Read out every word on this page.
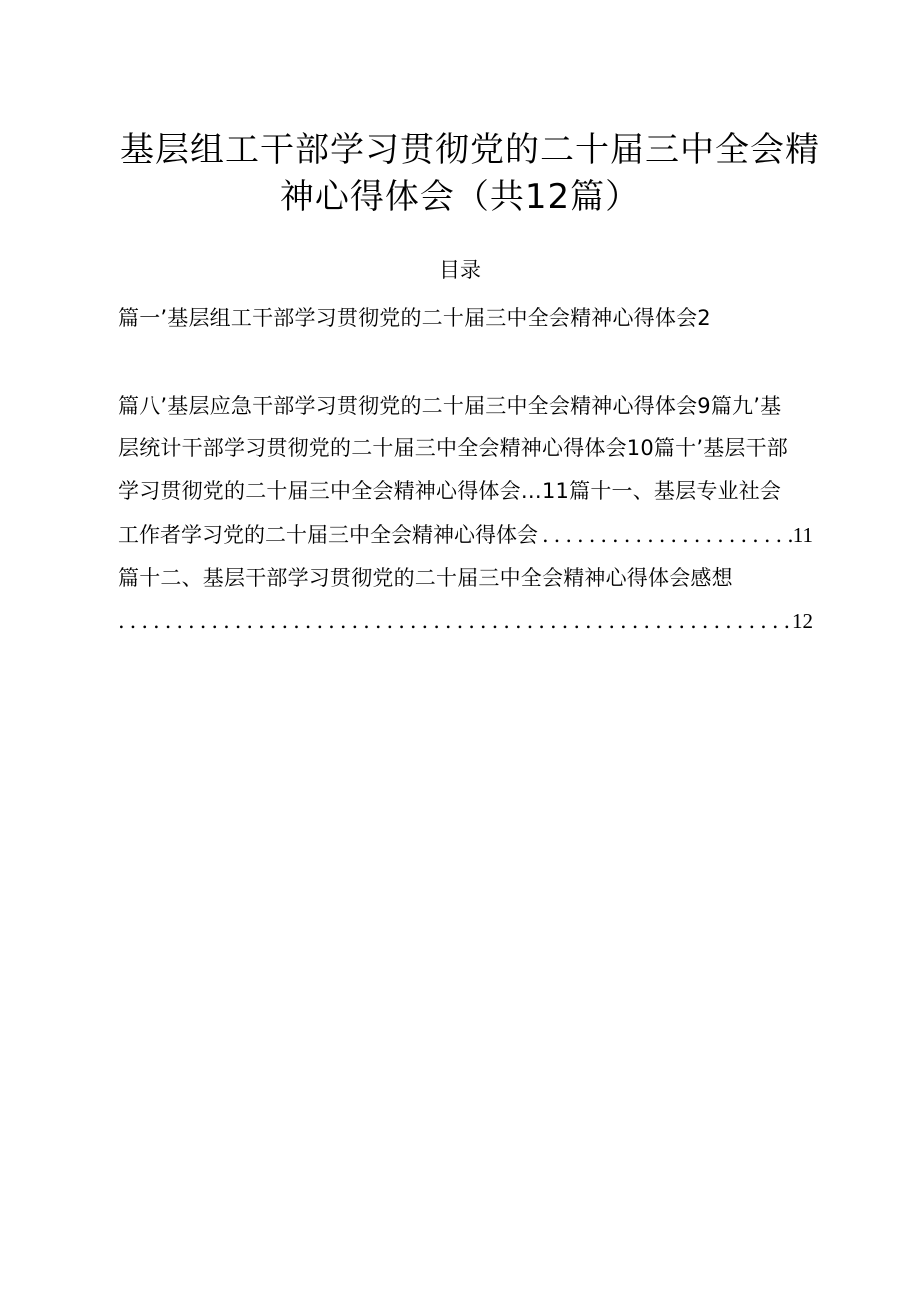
基层组工干部学习贯彻党的二十届三中全会精
神心得体会（共12篇）
目录
篇一’基层组工干部学习贯彻党的二十届三中全会精神心得体会2
篇八’基层应急干部学习贯彻党的二十届三中全会精神心得体会9篇九’基
层统计干部学习贯彻党的二十届三中全会精神心得体会10篇十’基层干部
学习贯彻党的二十届三中全会精神心得体会…11篇十一、基层专业社会
工作者学习党的二十届三中全会精神心得体会
.....	11
篇十二、基层干部学习贯彻党的二十届三中全会精神心得体会感想
.....
12
